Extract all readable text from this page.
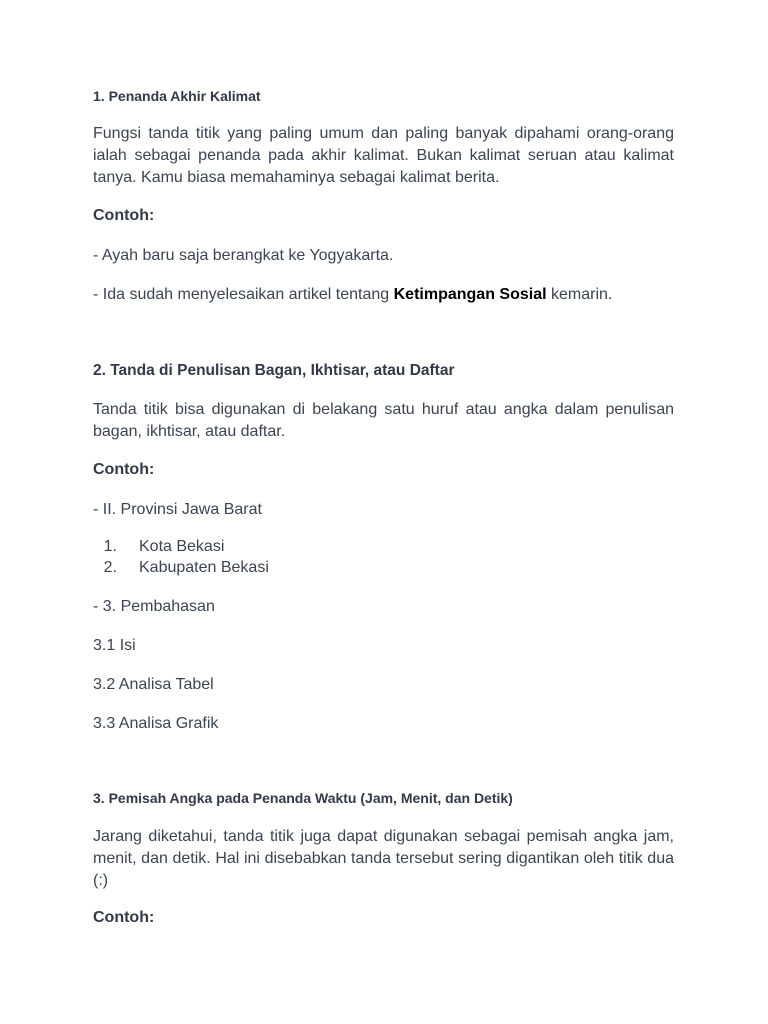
1. Penanda Akhir Kalimat
Fungsi tanda titik yang paling umum dan paling banyak dipahami orang-orang ialah sebagai penanda pada akhir kalimat. Bukan kalimat seruan atau kalimat tanya. Kamu biasa memahaminya sebagai kalimat berita.
Contoh:
- Ayah baru saja berangkat ke Yogyakarta.
- Ida sudah menyelesaikan artikel tentang Ketimpangan Sosial kemarin.
2. Tanda di Penulisan Bagan, Ikhtisar, atau Daftar
Tanda titik bisa digunakan di belakang satu huruf atau angka dalam penulisan bagan, ikhtisar, atau daftar.
Contoh:
- II. Provinsi Jawa Barat
1. Kota Bekasi
2. Kabupaten Bekasi
- 3. Pembahasan
3.1 Isi
3.2 Analisa Tabel
3.3 Analisa Grafik
3. Pemisah Angka pada Penanda Waktu (Jam, Menit, dan Detik)
Jarang diketahui, tanda titik juga dapat digunakan sebagai pemisah angka jam, menit, dan detik. Hal ini disebabkan tanda tersebut sering digantikan oleh titik dua (:)
Contoh:
